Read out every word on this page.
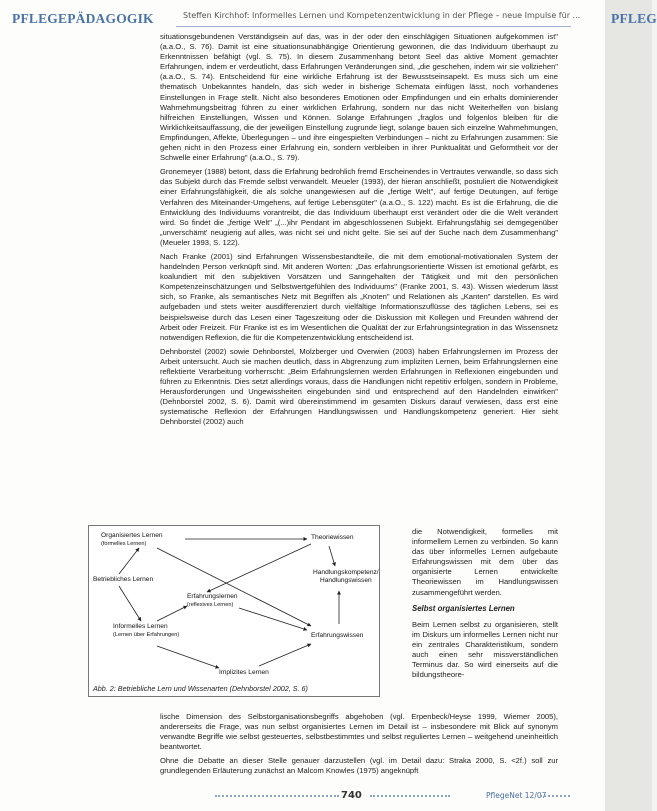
PFLEGEPÄDAGOGIK	Steffen Kirchhof: Informelles Lernen und Kompetenzentwicklung in der Pflege – neue Impulse für ...

situationsgebundenen Verständigsein auf das, was in der oder den einschlägigen Situationen aufgekommen ist" (a.a.O., S. 76). Damit ist eine situationsunabhängige Orientierung gewonnen, die das Individuum überhaupt zu Erkenntnissen befähigt (vgl. S. 75). In diesem Zusammenhang betont Seel das aktive Moment gemachter Erfahrungen, indem er verdeutlicht, dass Erfahrungen Veränderungen sind, „die geschehen, indem wir sie vollziehen" (a.a.O., S. 74). Entscheidend für eine wirkliche Erfahrung ist der Bewusstseinsapekt. Es muss sich um eine thematisch Unbekanntes handeln, das sich weder in bisherige Schemata einfügen lässt, noch vorhandenes Einstellungen in Frage stellt. Nicht also besonderes Emotionen oder Empfindungen und ein erhalts dominierender Wahrnehmungsbeitrag führen zu einer wirklichen Erfahrung, sondern nur das nicht Weiterhelfen von bislang hilfreichen Einstellungen, Wissen und Können. Solange Erfahrungen „fraglos und folgenlos bleiben für die Wirklichkeitsauffassung, die der jeweiligen Einstellung zugrunde liegt, solange bauen sich einzelne Wahrnehmungen, Empfindungen, Affekte, Überlegungen – und ihre eingespielten Verbindungen – nicht zu Erfahrungen zusammen: Sie gehen nicht in den Prozess einer Erfahrung ein, sondern verbleiben in ihrer Punktualität und Geformtheit vor der Schwelle einer Erfahrung" (a.a.O., S. 79).

Gronemeyer (1988) betont, dass die Erfahrung bedrohlich fremd Erscheinendes in Vertrautes verwandle, so dass sich das Subjekt durch das Fremde selbst verwandelt. Meueler (1993), der hieran anschließt, postuliert die Notwendigkeit einer Erfahrungsfähigkeit, die als solche unangewiesen auf die „fertige Welt", auf fertige Deutungen, auf fertige Verfahren des Miteinander-Umgehens, auf fertige Lebensgüter" (a.a.O., S. 122) macht. Es ist die Erfahrung, die die Entwicklung des Individuums vorantreibt, die das Individuum überhaupt erst verändert oder die die Welt verändert wird. So findet die „fertige Welt" „(...)ihr Pendant im abgeschlossenen Subjekt. Erfahrungsfähig sei demgegenüber „unverschämt' neugierig auf alles, was nicht sei und nicht gelte. Sie sei auf der Suche nach dem Zusammenhang" (Meueler 1993, S. 122).

Nach Franke (2001) sind Erfahrungen Wissensbestandteile, die mit dem emotional-motivationalen System der handelnden Person verknüpft sind. Mit anderen Worten: „Das erfahrungsorientierte Wissen ist emotional gefärbt, es koalundiert mit den subjektiven Vorsätzen und Sanngehalten der Tätigkeit und mit den persönlichen Kompetenzeinschätzungen und Selbstwertgefühlen des Individuums" (Franke 2001, S. 43). Wissen wiederum lässt sich, so Franke, als semantisches Netz mit Begriffen als „Knoten" und Relationen als „Kanten" darstellen. Es wird aufgebaden und stets weiter ausdifferenziert durch vielfältige Informationszuflüsse des täglichen Lebens, sei es beispielsweise durch das Lesen einer Tageszeitung oder die Diskussion mit Kollegen und Freunden während der Arbeit oder Freizeit. Für Franke ist es im Wesentlichen die Qualität der zur Erfahrungsintegration in das Wissensnetz notwendigen Reflexion, die für die Kompetenzentwicklung entscheidend ist.

Dehnborstel (2002) sowie Dehnborstel, Molzberger und Overwien (2003) haben Erfahrungslernen im Prozess der Arbeit untersucht. Auch sie machen deutlich, dass in Abgrenzung zum impliziten Lernen, beim Erfahrungslernen eine reflektierte Verarbeitung vorherrscht: „Beim Erfahrungslernen werden Erfahrungen in Reflexionen eingebunden und führen zu Erkenntnis. Dies setzt allerdings voraus, dass die Handlungen nicht repetitiv erfolgen, sondern in Probleme, Herausforderungen und Ungewissheiten eingebunden sind und entsprechend auf den Handelnden einwirken" (Dehnborstel 2002, S. 6). Damit wird übereinstimmend im gesamten Diskurs darauf verwiesen, dass erst eine systematische Reflexion der Erfahrungen Handlungswissen und Handlungskompetenz generiert. Hier sieht Dehnborstel (2002) auch

Organisiertes Lernen
(formelles Lernen)
Theoriewissen
Handlungskompetenz/
Handlungswissen
Betriebliches Lernen
Erfahrungslernen
(reflexives Lernen)
Informelles Lernen
(Lernen über Erfahrungen)	Erfahrungswissen
Implizites Lernen
Abb. 2: Betriebliche Lern und Wissenarten (Dehnborstel 2002, S. 6)

die Notwendigkeit, formelles mit informellem Lernen zu verbinden. So kann das über informelles Lernen aufgebaute Erfahrungswissen mit dem über das organisierte Lernen entwickelte Theoriewissen im Handlungswissen zusammengeführt werden.

Selbst organisiertes Lernen

Beim Lernen selbst zu organisieren, stellt im Diskurs um informelles Lernen nicht nur ein zentrales Charakteristikum, sondern auch einen sehr missverständlichen Terminus dar. So wird einerseits auf die bildungstheore-

lische Dimension des Selbstorganisationsbegriffs abgehoben (vgl. Erpenbeck/Heyse 1999, Wiemer 2005), andererseits die Frage, was nun selbst organisiertes Lernen im Detail ist – insbesondere mit Blick auf synonym verwandte Begriffe wie selbst gesteuertes, selbstbestimmtes und selbst reguliertes Lernen – weitgehend uneinheitlich beantwortet.

Ohne die Debatte an dieser Stelle genauer darzustellen (vgl. im Detail dazu: Straka 2000, S. <2f.) soll zur grundlegenden Erläuterung zunächst an Malcom Knowles (1975) angeknüpft

740	PflegeNet 12/07
PFLEG
